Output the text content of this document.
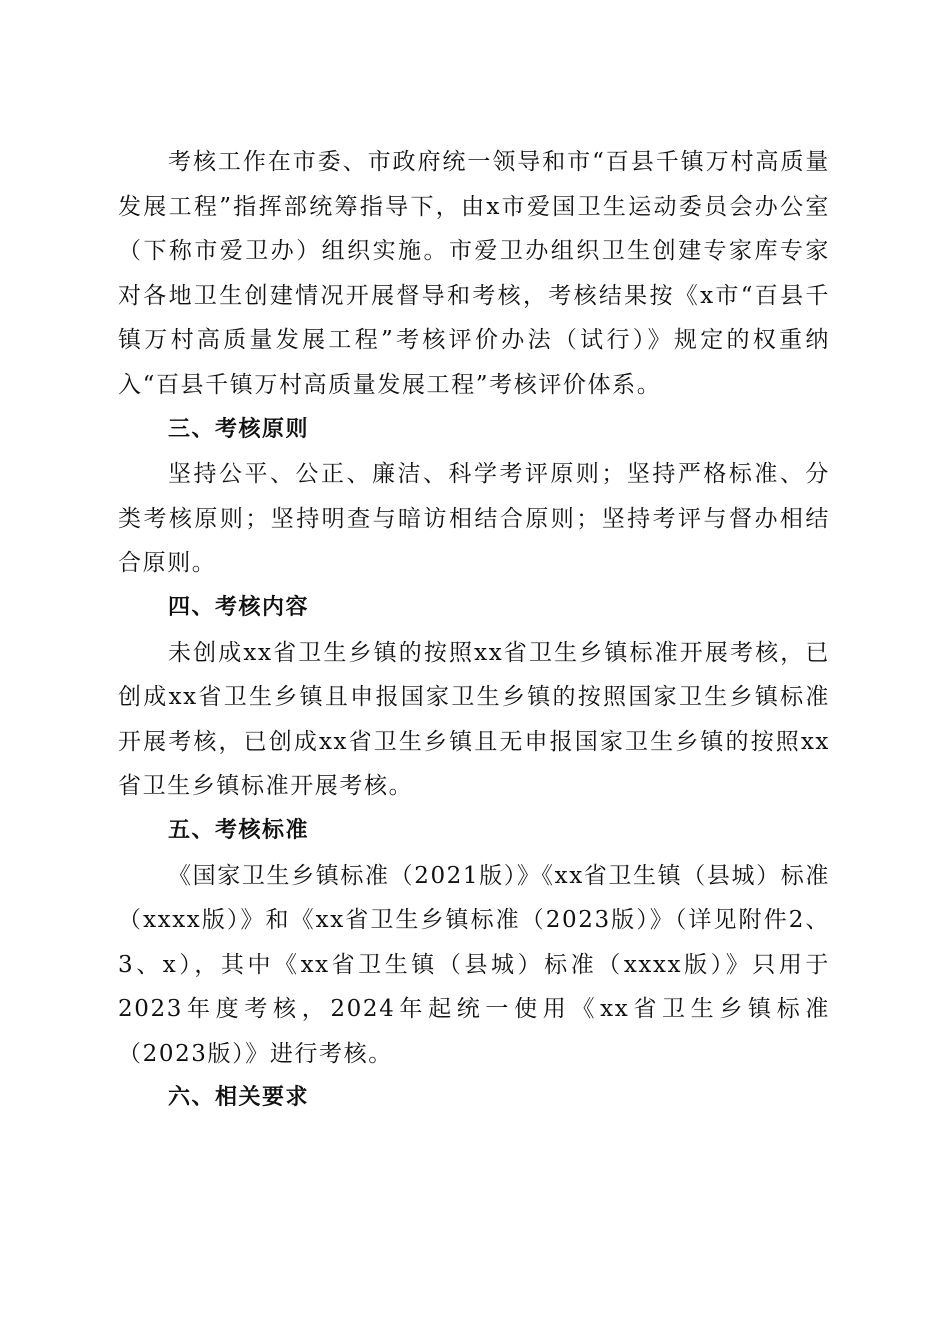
考核工作在市委、市政府统一领导和市“百县千镇万村高质量发展工程”指挥部统筹指导下，由x市爱国卫生运动委员会办公室（下称市爱卫办）组织实施。市爱卫办组织卫生创建专家库专家对各地卫生创建情况开展督导和考核，考核结果按《x市“百县千镇万村高质量发展工程”考核评价办法（试行）》规定的权重纳入“百县千镇万村高质量发展工程”考核评价体系。

三、考核原则

坚持公平、公正、廉洁、科学考评原则；坚持严格标准、分类考核原则；坚持明查与暗访相结合原则；坚持考评与督办相结合原则。

四、考核内容

未创成xx省卫生乡镇的按照xx省卫生乡镇标准开展考核，已创成xx省卫生乡镇且申报国家卫生乡镇的按照国家卫生乡镇标准开展考核，已创成xx省卫生乡镇且无申报国家卫生乡镇的按照xx省卫生乡镇标准开展考核。

五、考核标准

《国家卫生乡镇标准（2021版）》《xx省卫生镇（县城）标准（xxxx版）》和《xx省卫生乡镇标准（2023版）》（详见附件2、3、x），其中《xx省卫生镇（县城）标准（xxxx版）》只用于2023年度考核，2024年起统一使用《xx省卫生乡镇标准（2023版）》进行考核。

六、相关要求
